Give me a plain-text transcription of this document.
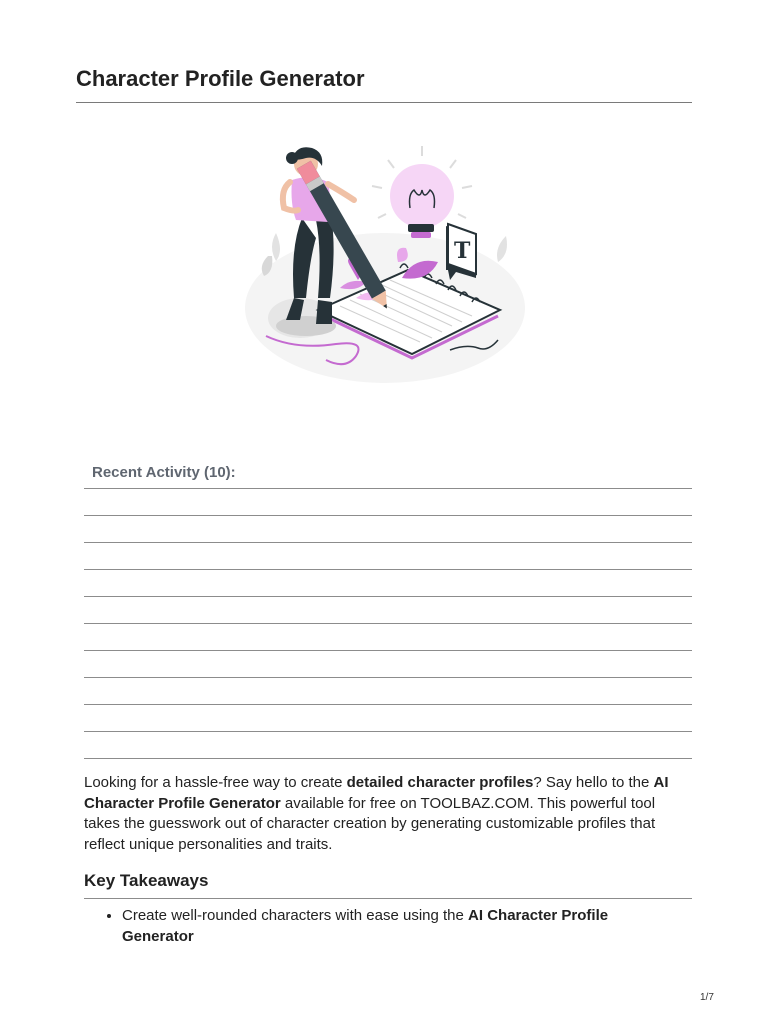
Character Profile Generator
T
Recent Activity (10):

Looking for a hassle-free way to create detailed character profiles? Say hello to the AI Character Profile Generator available for free on TOOLBAZ.COM. This powerful tool takes the guesswork out of character creation by generating customizable profiles that reflect unique personalities and traits.

Key Takeaways
• Create well-rounded characters with ease using the AI Character Profile Generator
1/7
